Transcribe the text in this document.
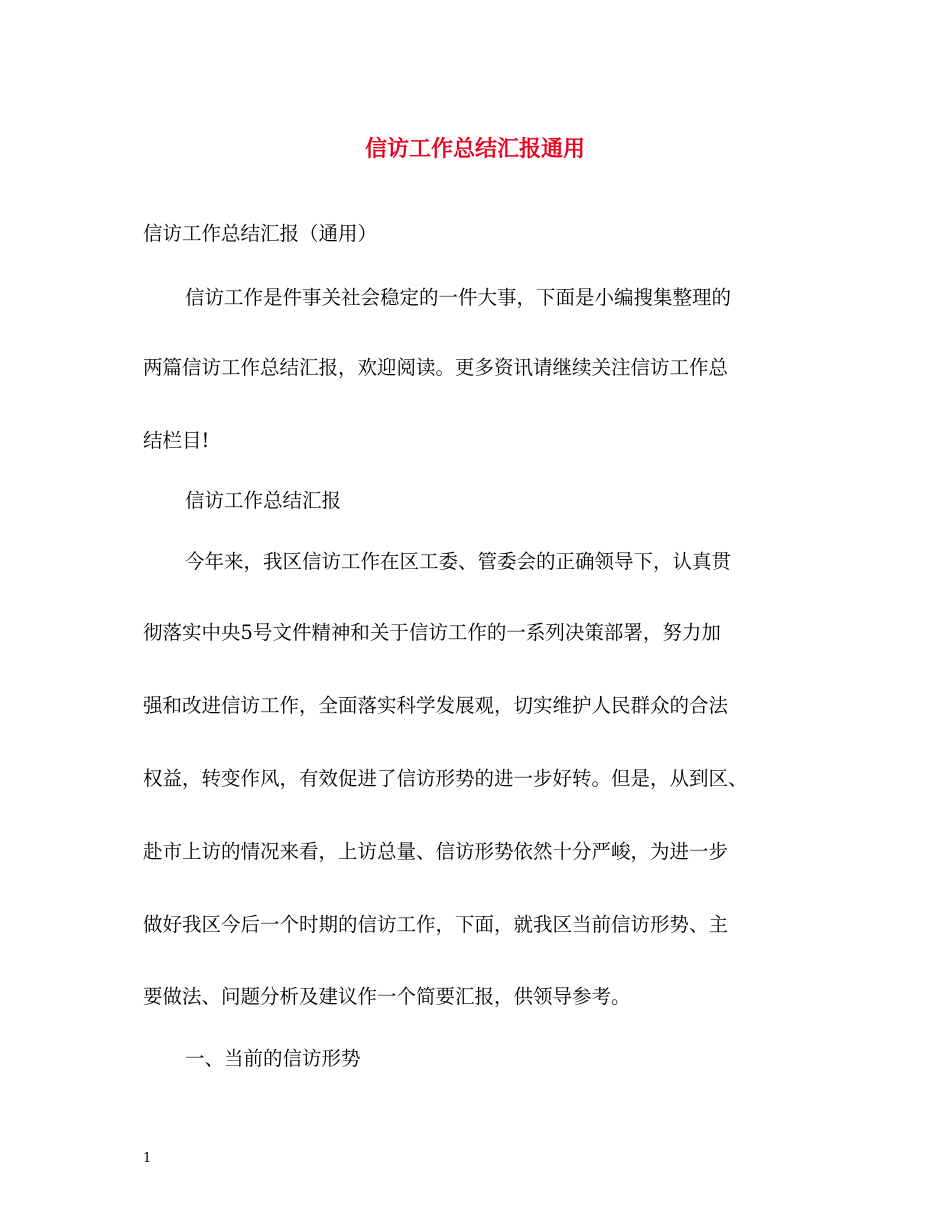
信访工作总结汇报通用
信访工作总结汇报（通用）
信访工作是件事关社会稳定的一件大事，下面是小编搜集整理的
两篇信访工作总结汇报，欢迎阅读。更多资讯请继续关注信访工作总
结栏目!
信访工作总结汇报
今年来，我区信访工作在区工委、管委会的正确领导下，认真贯
彻落实中央5号文件精神和关于信访工作的一系列决策部署，努力加
强和改进信访工作，全面落实科学发展观，切实维护人民群众的合法
权益，转变作风，有效促进了信访形势的进一步好转。但是，从到区、
赴市上访的情况来看，上访总量、信访形势依然十分严峻，为进一步
做好我区今后一个时期的信访工作，下面，就我区当前信访形势、主
要做法、问题分析及建议作一个简要汇报，供领导参考。
一、当前的信访形势
1
